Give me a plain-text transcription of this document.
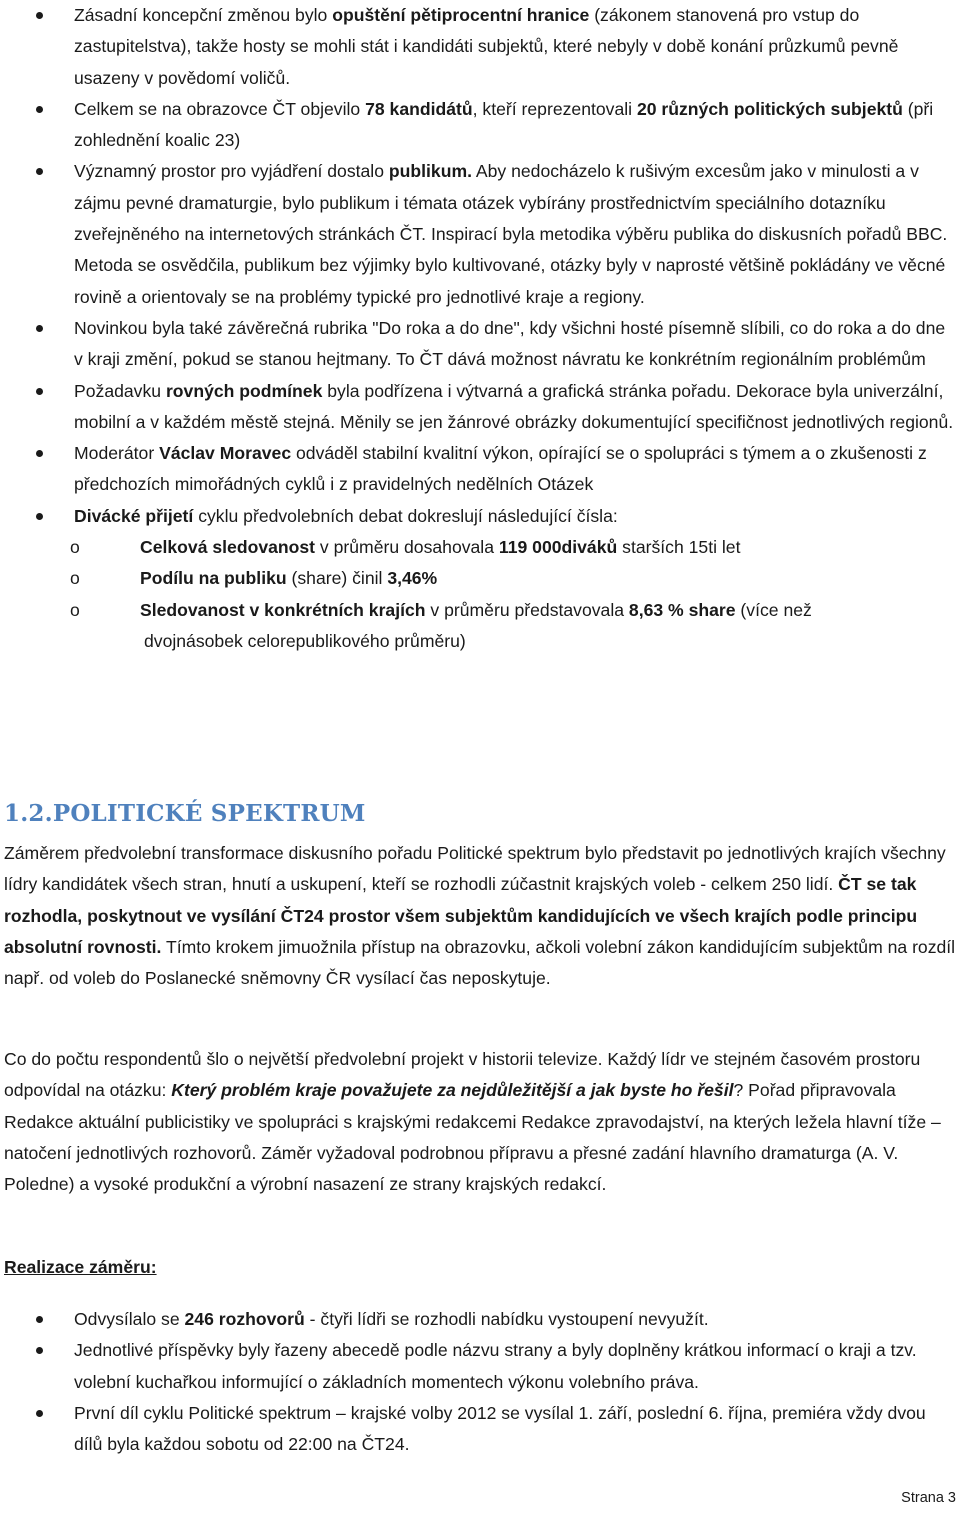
Zásadní koncepční změnou bylo opuštění pětiprocentní hranice (zákonem stanovená pro vstup do zastupitelstva), takže hosty se mohli stát i kandidáti subjektů, které nebyly v době konání průzkumů pevně usazeny v povědomí voličů.
Celkem se na obrazovce ČT objevilo 78 kandidátů, kteří reprezentovali 20 různých politických subjektů (při zohlednění koalic 23)
Významný prostor pro vyjádření dostalo publikum. Aby nedocházelo k rušivým excesům jako v minulosti a v zájmu pevné dramaturgie, bylo publikum i témata otázek vybírány prostřednictvím speciálního dotazníku zveřejněného na internetových stránkách ČT. Inspirací byla metodika výběru publika do diskusních pořadů BBC. Metoda se osvědčila, publikum bez výjimky bylo kultivované, otázky byly v naprosté většině pokládány ve věcné rovině a orientovaly se na problémy typické pro jednotlivé kraje a regiony.
Novinkou byla také závěrečná rubrika "Do roka a do dne", kdy všichni hosté písemně slíbili, co do roka a do dne v kraji změní, pokud se stanou hejtmany. To ČT dává možnost návratu ke konkrétním regionálním problémům
Požadavku rovných podmínek byla podřízena i výtvarná a grafická stránka pořadu. Dekorace byla univerzální, mobilní a v každém městě stejná. Měnily se jen žánrové obrázky dokumentující specifičnost jednotlivých regionů.
Moderátor Václav Moravec odváděl stabilní kvalitní výkon, opírající se o spolupráci s týmem a o zkušenosti z předchozích mimořádných cyklů i z pravidelných nedělních Otázek
Divácké přijetí cyklu předvolebních debat dokreslují následující čísla:
o Celková sledovanost v průměru dosahovala 119 000diváků starších 15ti let
o Podílu na publiku (share) činil 3,46%
o Sledovanost v konkrétních krajích v průměru představovala 8,63 % share (více než
dvojnásobek celorepublikového průměru)
1.2.POLITICKÉ SPEKTRUM

Záměrem předvolební transformace diskusního pořadu Politické spektrum bylo představit po jednotlivých krajích všechny lídry kandidátek všech stran, hnutí a uskupení, kteří se rozhodli zúčastnit krajských voleb - celkem 250 lidí. ČT se tak rozhodla, poskytnout ve vysílání ČT24 prostor všem subjektům kandidujících ve všech krajích podle principu absolutní rovnosti. Tímto krokem jimuožnila přístup na obrazovku, ačkoli volební zákon kandidujícím subjektům na rozdíl např. od voleb do Poslanecké sněmovny ČR vysílací čas neposkytuje.

Co do počtu respondentů šlo o největší předvolební projekt v historii televize. Každý lídr ve stejném časovém prostoru odpovídal na otázku: Který problém kraje považujete za nejdůležitější a jak byste ho řešil? Pořad připravovala Redakce aktuální publicistiky ve spolupráci s krajskými redakcemi Redakce zpravodajství, na kterých ležela hlavní tíže – natočení jednotlivých rozhovorů. Záměr vyžadoval podrobnou přípravu a přesné zadání hlavního dramaturga (A. V. Poledne) a vysoké produkční a výrobní nasazení ze strany krajských redakcí.

Realizace záměru:

Odvysílalo se 246 rozhovorů - čtyři lídři se rozhodli nabídku vystoupení nevyužít.
Jednotlivé příspěvky byly řazeny abecedě podle názvu strany a byly doplněny krátkou informací o kraji a tzv. volební kuchařkou informující o základních momentech výkonu volebního práva.
První díl cyklu Politické spektrum – krajské volby 2012 se vysílal 1. září, poslední 6. října, premiéra vždy dvou dílů byla každou sobotu od 22:00 na ČT24.
Strana 3
